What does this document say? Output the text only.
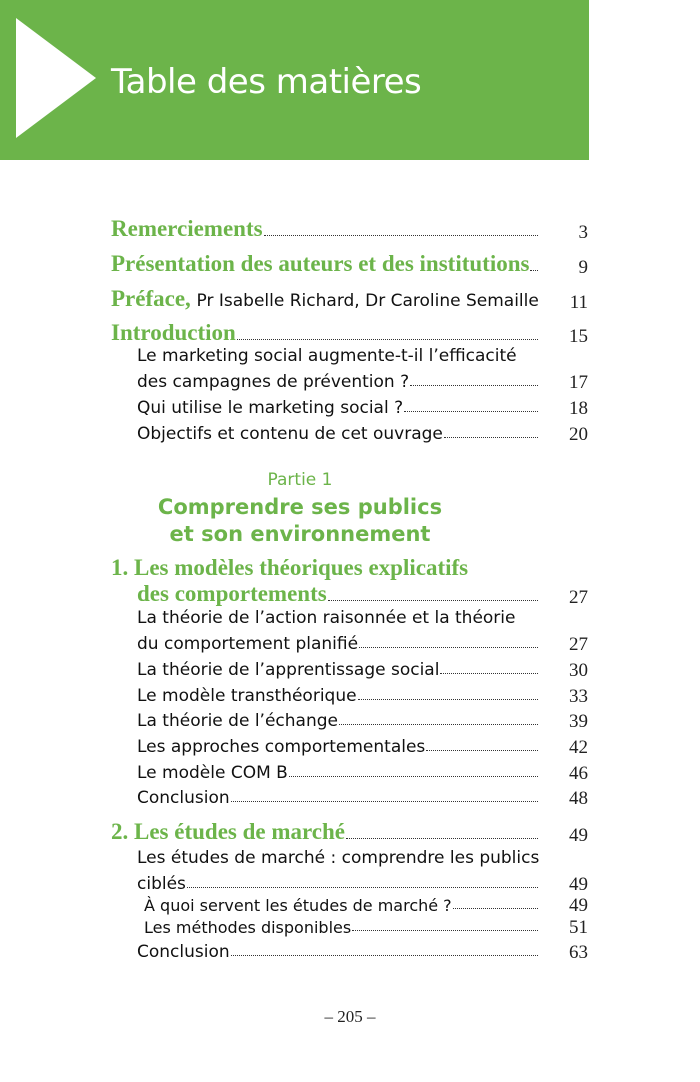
Table des matières
Remerciements	3
Présentation des auteurs et des institutions	9
Préface, Pr Isabelle Richard, Dr Caroline Semaille	11
Introduction	15
Le marketing social augmente-t-il l’efficacité
des campagnes de prévention ?	17
Qui utilise le marketing social ?	18
Objectifs et contenu de cet ouvrage	20
Partie 1
Comprendre ses publics
et son environnement
1. Les modèles théoriques explicatifs
des comportements	27
La théorie de l’action raisonnée et la théorie
du comportement planifié	27
La théorie de l’apprentissage social	30
Le modèle transthéorique	33
La théorie de l’échange	39
Les approches comportementales	42
Le modèle COM B	46
Conclusion	48
2. Les études de marché	49
Les études de marché : comprendre les publics
ciblés	49
À quoi servent les études de marché ?	49
Les méthodes disponibles	51
Conclusion	63
– 205 –
